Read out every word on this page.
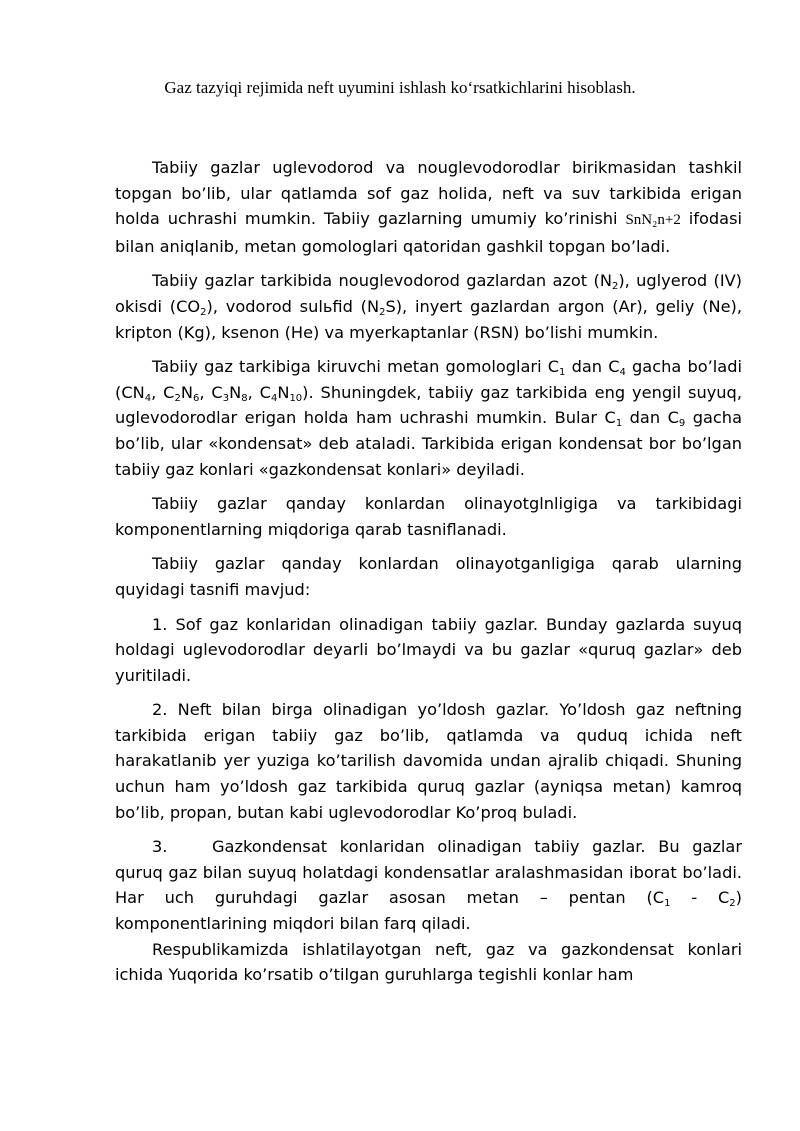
Gaz tazyiqi rejimida neft uyumini ishlash ko‘rsatkichlarini hisoblash.

Tabiiy gazlar uglevodorod va nouglevodorodlar birikmasidan tashkil topgan bo’lib, ular qatlamda sof gaz holida, neft va suv tarkibida erigan holda uchrashi mumkin. Tabiiy gazlarning umumiy ko’rinishi SnN₂n+2 ifodasi bilan aniqlanib, metan gomologlari qatoridan gashkil topgan bo’ladi.

Tabiiy gazlar tarkibida nouglevodorod gazlardan azot $(N_2)$, uglyerod (IV) okisdi $(CO_2)$, vodorod sulьfid $(N_2S)$, inyert gazlardan argon (Ar), geliy (Ne), kripton (Kg), ksenon (He) va myerkaptanlar (RSN) bo’lishi mumkin.

Tabiiy gaz tarkibiga kiruvchi metan gomologlari $C_1$ dan $C_4$ gacha bo’ladi ($CN_4$, $C_2N_6$, $C_3N_8$, $C_4N_{10}$). Shuningdek, tabiiy gaz tarkibida eng yengil suyuq, uglevodorodlar erigan holda ham uchrashi mumkin. Bular $C_1$ dan $C_9$ gacha bo’lib, ular «kondensat» deb ataladi. Tarkibida erigan kondensat bor bo’lgan tabiiy gaz konlari «gazkondensat konlari» deyiladi.

Tabiiy gazlar qanday konlardan olinayotglnligiga va tarkibidagi komponentlarning miqdoriga qarab tasniflanadi.

Tabiiy gazlar qanday konlardan olinayotganligiga qarab ularning quyidagi tasnifi mavjud:

1. Sof gaz konlaridan olinadigan tabiiy gazlar. Bunday gazlarda suyuq holdagi uglevodorodlar deyarli bo’lmaydi va bu gazlar «quruq gazlar» deb yuritiladi.

2. Neft bilan birga olinadigan yo’ldosh gazlar. Yo’ldosh gaz neftning tarkibida erigan tabiiy gaz bo’lib, qatlamda va quduq ichida neft harakatlanib yer yuziga ko’tarilish davomida undan ajralib chiqadi. Shuning uchun ham yo’ldosh gaz tarkibida quruq gazlar (ayniqsa metan) kamroq bo’lib, propan, butan kabi uglevodorodlar Ko’proq buladi.

3.	Gazkondensat konlaridan olinadigan tabiiy gazlar. Bu gazlar quruq gaz bilan suyuq holatdagi kondensatlar aralashmasidan iborat bo’ladi. Har uch guruhdagi gazlar asosan metan – pentan $(C_1 - C_2)$ komponentlarining miqdori bilan farq qiladi.

Respublikamizda ishlatilayotgan neft, gaz va gazkondensat konlari ichida Yuqorida ko’rsatib o’tilgan guruhlarga tegishli konlar ham
